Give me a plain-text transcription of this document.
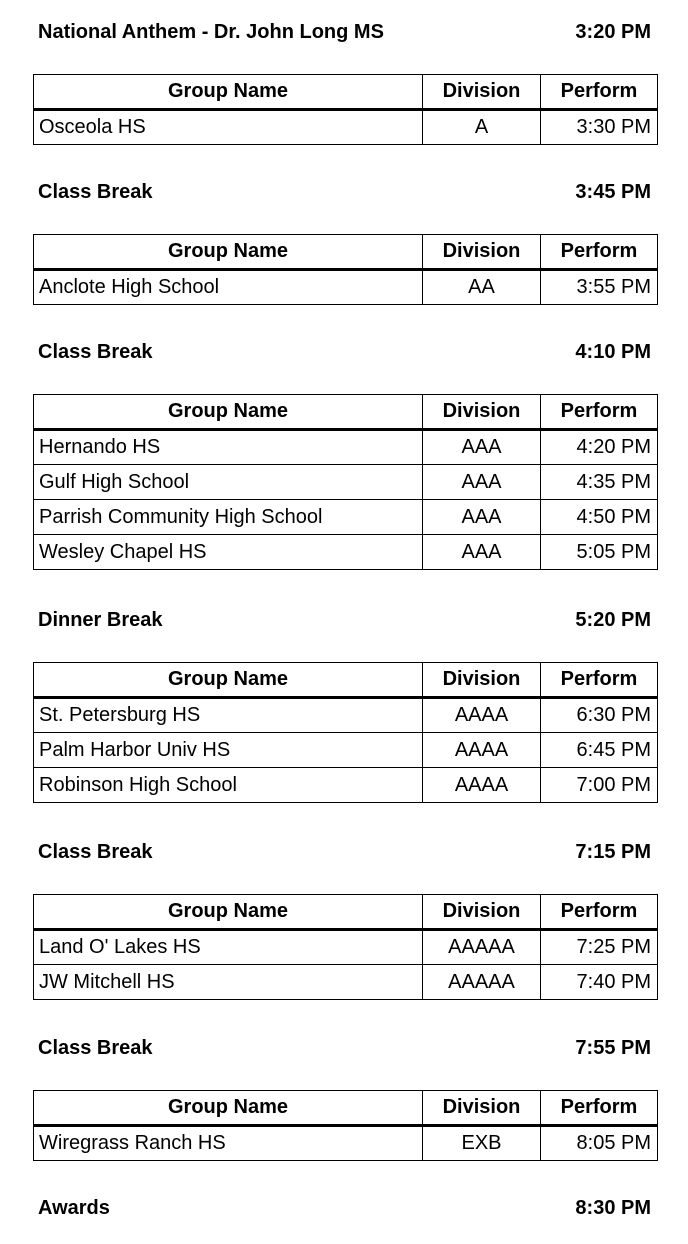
National Anthem - Dr. John Long MS	3:20 PM
Group Name	Division	Perform
Osceola HS	A	3:30 PM
Class Break	3:45 PM
Group Name	Division	Perform
Anclote High School	AA	3:55 PM
Class Break	4:10 PM
Group Name	Division	Perform
Hernando HS	AAA	4:20 PM
Gulf High School	AAA	4:35 PM
Parrish Community High School	AAA	4:50 PM
Wesley Chapel HS	AAA	5:05 PM
Dinner Break	5:20 PM
Group Name	Division	Perform
St. Petersburg HS	AAAA	6:30 PM
Palm Harbor Univ HS	AAAA	6:45 PM
Robinson High School	AAAA	7:00 PM
Class Break	7:15 PM
Group Name	Division	Perform
Land O' Lakes HS	AAAAA	7:25 PM
JW Mitchell HS	AAAAA	7:40 PM
Class Break	7:55 PM
Group Name	Division	Perform
Wiregrass Ranch HS	EXB	8:05 PM
Awards	8:30 PM
